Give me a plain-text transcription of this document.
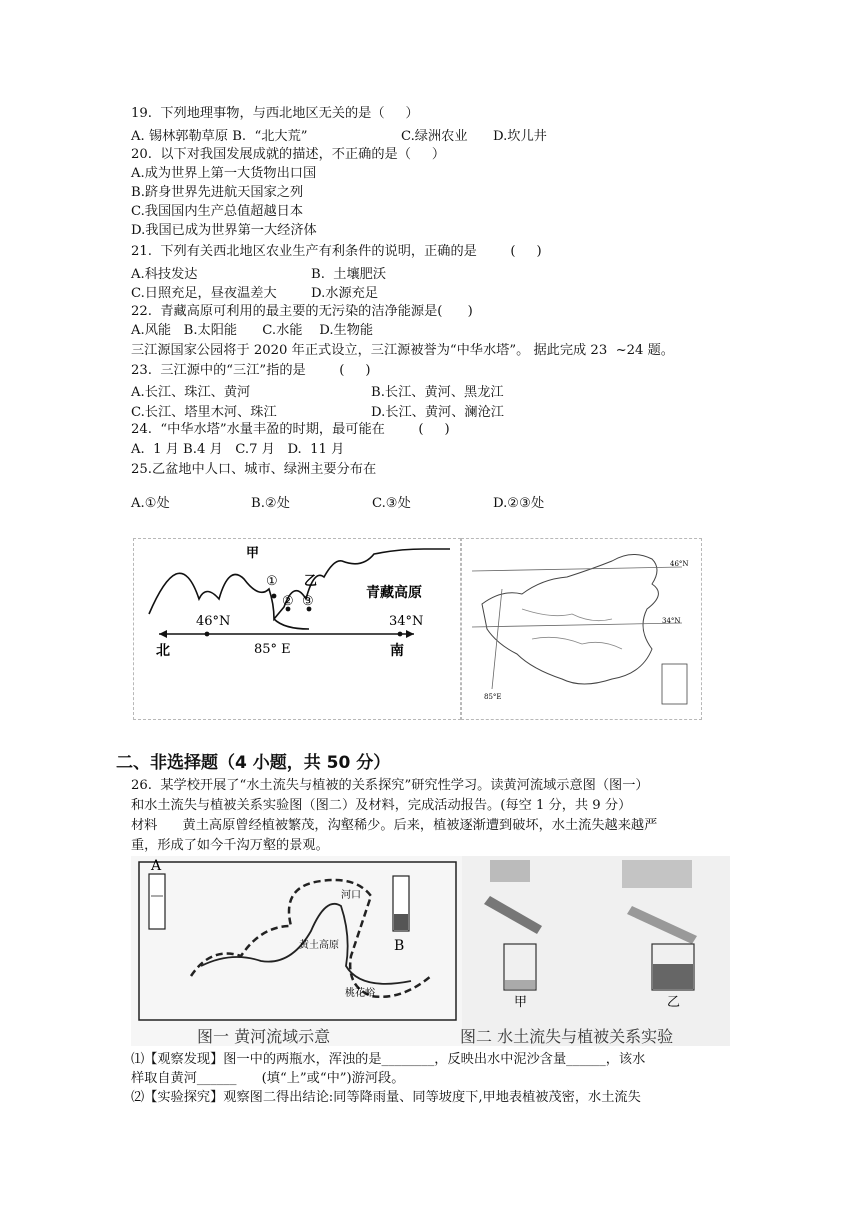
19.  下列地理事物，与西北地区无关的是（     ）

A. 锡林郭勒草原 B.  “北大荒”

	C.绿洲农业

D.坎儿井

20.  以下对我国发展成就的描述，不正确的是（     ）
A.成为世界上第一大货物出口国
B.跻身世界先进航天国家之列
C.我国国内生产总值超越日本
D.我国已成为世界第一大经济体
21.  下列有关西北地区农业生产有利条件的说明，正确的是        (     )

A.科技发达

	B.  土壤肥沃

C.日照充足，昼夜温差大

	D.水源充足

22.  青藏高原可利用的最主要的无污染的洁净能源是(      )
A.风能   B.太阳能      C.水能    D.生物能
三江源国家公园将于 2020 年正式设立，三江源被誉为“中华水塔”。 据此完成 23  ~24 题。
23.  三江源中的“三江”指的是        (     )

A.长江、珠江、黄河

	B.长江、黄河、黑龙江

C.长江、塔里木河、珠江

	D.长江、黄河、澜沧江

24.  “中华水塔”水量丰盈的时期，最可能在        (     )
A.  1 月 B.4 月   C.7 月   D.  11 月
25.乙盆地中人口、城市、绿洲主要分布在

A.①处

	B.②处

	C.③处

	D.②③处

甲
①
② ③
乙
青藏高原
46°N	34°N
85° E
北	南
46°N
34°N
85°E
二、非选择题（4 小题，共 50 分）
26.  某学校开展了“水土流失与植被的关系探究”研究性学习。读黄河流域示意图（图一）
和水土流失与植被关系实验图（图二）及材料，完成活动报告。(每空 1 分，共 9 分）
材料      黄土高原曾经植被繁茂，沟壑稀少。后来，植被逐渐遭到破坏，水土流失越来越严
重，形成了如今千沟万壑的景观。
A
B
河口
黄土高原
桃花峪
图一 黄河流域示意
甲	乙
图二 水土流失与植被关系实验
⑴【观察发现】图一中的两瓶水，浑浊的是________，反映出水中泥沙含量______，该水
样取自黄河______      (填“上”或“中”)游河段。
⑵【实验探究】观察图二得出结论:同等降雨量、同等坡度下,甲地表植被茂密，水土流失
